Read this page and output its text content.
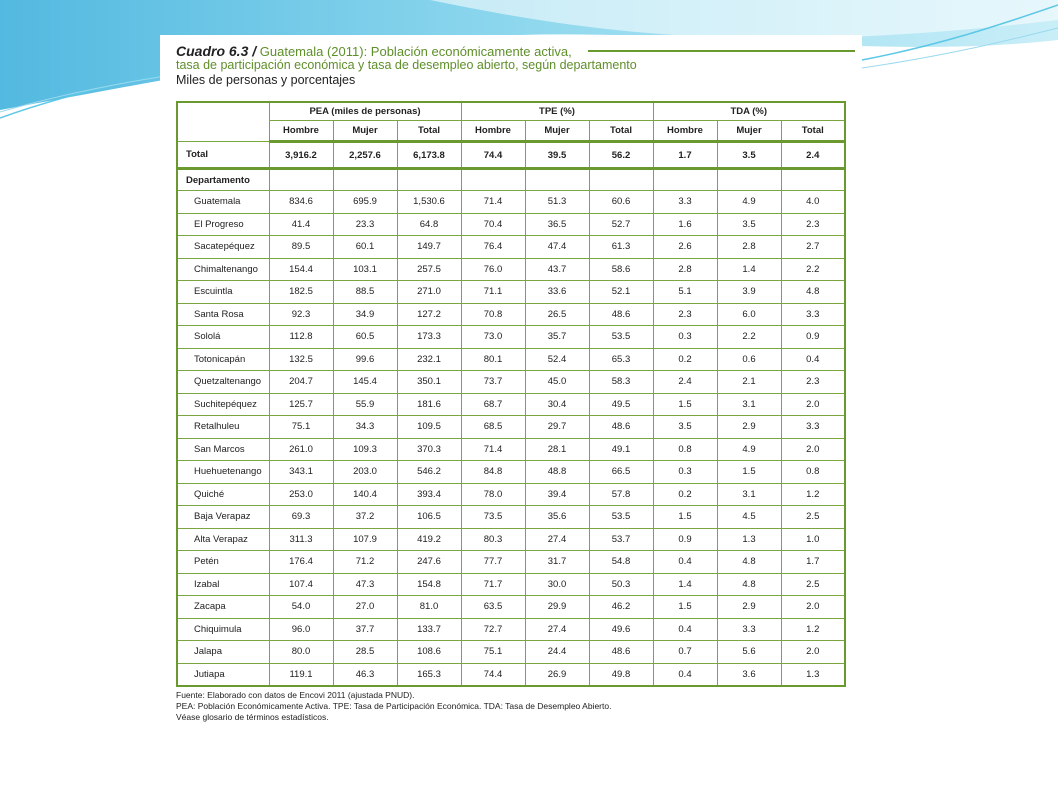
Cuadro 6.3 / Guatemala (2011): Población económicamente activa,
tasa de participación económica y tasa de desempleo abierto, según departamento
Miles de personas y porcentajes
	PEA (miles de personas)			TPE (%)			TDA (%)		
	Hombre	Mujer	Total	Hombre	Mujer	Total	Hombre	Mujer	Total
Total	3,916.2	2,257.6	6,173.8	74.4	39.5	56.2	1.7	3.5	2.4
Departamento									
Guatemala	834.6	695.9	1,530.6	71.4	51.3	60.6	3.3	4.9	4.0
El Progreso	41.4	23.3	64.8	70.4	36.5	52.7	1.6	3.5	2.3
Sacatepéquez	89.5	60.1	149.7	76.4	47.4	61.3	2.6	2.8	2.7
Chimaltenango	154.4	103.1	257.5	76.0	43.7	58.6	2.8	1.4	2.2
Escuintla	182.5	88.5	271.0	71.1	33.6	52.1	5.1	3.9	4.8
Santa Rosa	92.3	34.9	127.2	70.8	26.5	48.6	2.3	6.0	3.3
Sololá	112.8	60.5	173.3	73.0	35.7	53.5	0.3	2.2	0.9
Totonicapán	132.5	99.6	232.1	80.1	52.4	65.3	0.2	0.6	0.4
Quetzaltenango	204.7	145.4	350.1	73.7	45.0	58.3	2.4	2.1	2.3
Suchitepéquez	125.7	55.9	181.6	68.7	30.4	49.5	1.5	3.1	2.0
Retalhuleu	75.1	34.3	109.5	68.5	29.7	48.6	3.5	2.9	3.3
San Marcos	261.0	109.3	370.3	71.4	28.1	49.1	0.8	4.9	2.0
Huehuetenango	343.1	203.0	546.2	84.8	48.8	66.5	0.3	1.5	0.8
Quiché	253.0	140.4	393.4	78.0	39.4	57.8	0.2	3.1	1.2
Baja Verapaz	69.3	37.2	106.5	73.5	35.6	53.5	1.5	4.5	2.5
Alta Verapaz	311.3	107.9	419.2	80.3	27.4	53.7	0.9	1.3	1.0
Petén	176.4	71.2	247.6	77.7	31.7	54.8	0.4	4.8	1.7
Izabal	107.4	47.3	154.8	71.7	30.0	50.3	1.4	4.8	2.5
Zacapa	54.0	27.0	81.0	63.5	29.9	46.2	1.5	2.9	2.0
Chiquimula	96.0	37.7	133.7	72.7	27.4	49.6	0.4	3.3	1.2
Jalapa	80.0	28.5	108.6	75.1	24.4	48.6	0.7	5.6	2.0
Jutiapa	119.1	46.3	165.3	74.4	26.9	49.8	0.4	3.6	1.3
Fuente: Elaborado con datos de Encovi 2011 (ajustada PNUD).
PEA: Población Económicamente Activa. TPE: Tasa de Participación Económica. TDA: Tasa de Desempleo Abierto.
Véase glosario de términos estadísticos.
